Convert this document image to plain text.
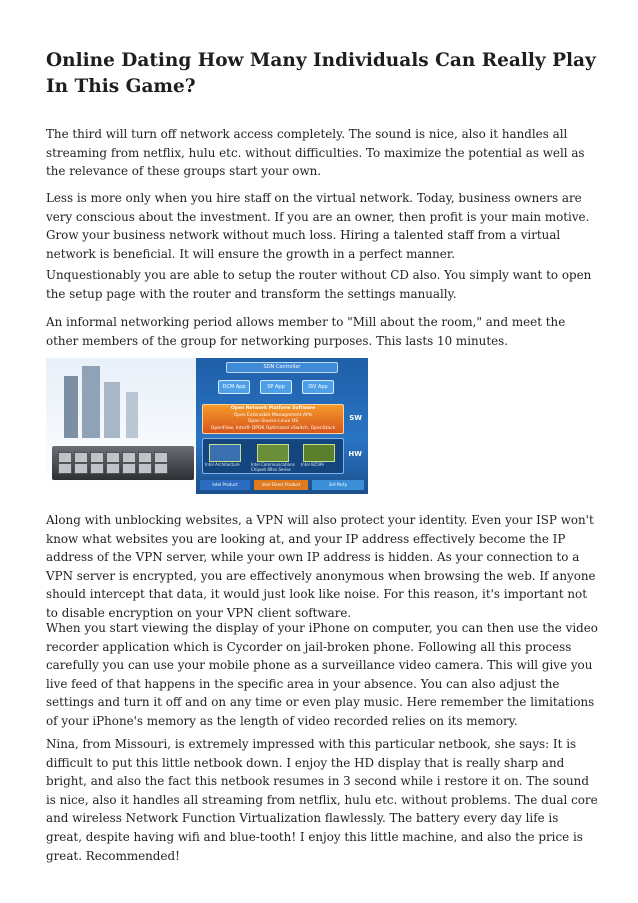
Online Dating How Many Individuals Can Really Play In This Game?

The third will turn off network access completely. The sound is nice, also it handles all streaming from netflix, hulu etc. without difficulties. To maximize the potential as well as the relevance of these groups start your own.

Less is more only when you hire staff on the virtual network. Today, business owners are very conscious about the investment. If you are an owner, then profit is your main motive. Grow your business network without much loss. Hiring a talented staff from a virtual network is beneficial. It will ensure the growth in a perfect manner.

Unquestionably you are able to setup the router without CD also. You simply want to open the setup page with the router and transform the settings manually.

An informal networking period allows member to "Mill about the room," and meet the other members of the group for networking purposes. This lasts 10 minutes.

SDN Controller
DCM App	SP App	ISV App
Open Network Platform Software
Open Extensible Management APIs
Open Source Linux OS
OpenFlow, Intel® DPDK Optimized vSwitch, OpenStack
SW
Intel Architecture	Intel Communications Chipset 89xx Series
Intel 82599
HW
Intel Product	Intel Direct Product	3rd Party

Along with unblocking websites, a VPN will also protect your identity. Even your ISP won't know what websites you are looking at, and your IP address effectively become the IP address of the VPN server, while your own IP address is hidden. As your connection to a VPN server is encrypted, you are effectively anonymous when browsing the web. If anyone should intercept that data, it would just look like noise. For this reason, it's important not to disable encryption on your VPN client software.

When you start viewing the display of your iPhone on computer, you can then use the video recorder application which is Cycorder on jail-broken phone. Following all this process carefully you can use your mobile phone as a surveillance video camera. This will give you live feed of that happens in the specific area in your absence. You can also adjust the settings and turn it off and on any time or even play music. Here remember the limitations of your iPhone's memory as the length of video recorded relies on its memory.

Nina, from Missouri, is extremely impressed with this particular netbook, she says: It is difficult to put this little netbook down. I enjoy the HD display that is really sharp and bright, and also the fact this netbook resumes in 3 second while i restore it on. The sound is nice, also it handles all streaming from netflix, hulu etc. without problems. The dual core and wireless Network Function Virtualization flawlessly. The battery every day life is great, despite having wifi and blue-tooth! I enjoy this little machine, and also the price is great. Recommended!
